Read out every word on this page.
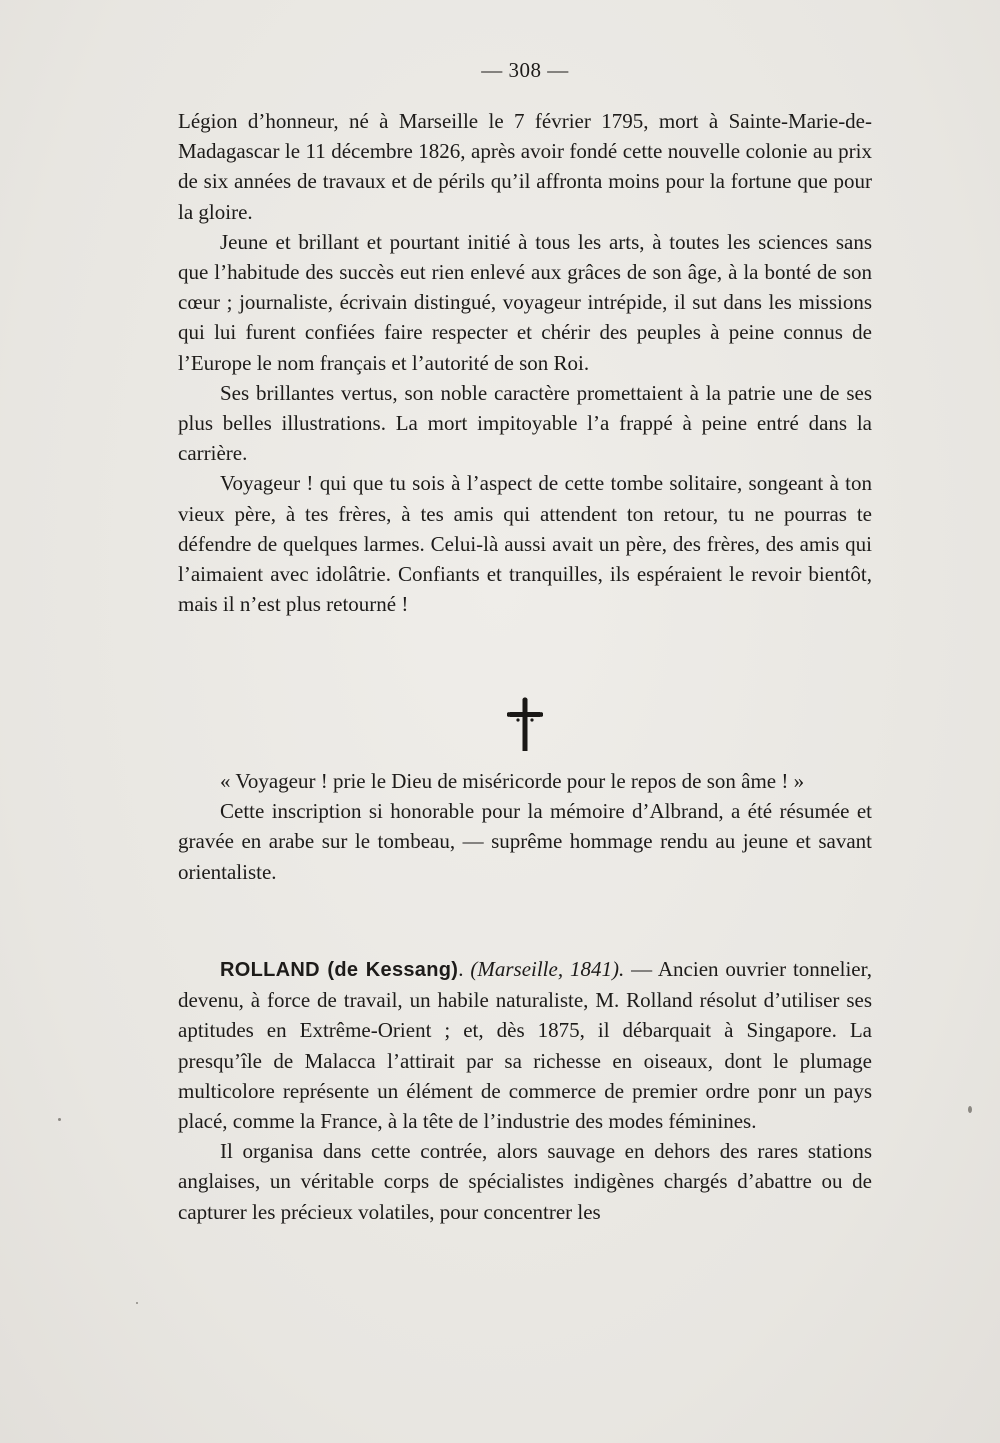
— 308 —

Légion d’honneur, né à Marseille le 7 février 1795, mort à Sainte-Marie-de-Madagascar le 11 décembre 1826, après avoir fondé cette nouvelle colonie au prix de six années de travaux et de périls qu’il affronta moins pour la fortune que pour la gloire.

Jeune et brillant et pourtant initié à tous les arts, à toutes les sciences sans que l’habitude des succès eut rien enlevé aux grâces de son âge, à la bonté de son cœur ; journaliste, écrivain distingué, voyageur intrépide, il sut dans les missions qui lui furent confiées faire respecter et chérir des peuples à peine connus de l’Europe le nom français et l’autorité de son Roi.

Ses brillantes vertus, son noble caractère promettaient à la patrie une de ses plus belles illustrations. La mort impitoyable l’a frappé à peine entré dans la carrière.

Voyageur ! qui que tu sois à l’aspect de cette tombe solitaire, songeant à ton vieux père, à tes frères, à tes amis qui attendent ton retour, tu ne pourras te défendre de quelques larmes. Celui-là aussi avait un père, des frères, des amis qui l’aimaient avec idolâtrie. Confiants et tranquilles, ils espéraient le revoir bientôt, mais il n’est plus retourné !

« Voyageur ! prie le Dieu de miséricorde pour le repos de son âme ! »

Cette inscription si honorable pour la mémoire d’Albrand, a été résumée et gravée en arabe sur le tombeau, — suprême hommage rendu au jeune et savant orientaliste.

ROLLAND (de Kessang). (Marseille, 1841). — Ancien ouvrier tonnelier, devenu, à force de travail, un habile naturaliste, M. Rolland résolut d’utiliser ses aptitudes en Extrême-Orient ; et, dès 1875, il débarquait à Singapore. La presqu’île de Malacca l’attirait par sa richesse en oiseaux, dont le plumage multicolore représente un élément de commerce de premier ordre ponr un pays placé, comme la France, à la tête de l’industrie des modes féminines.

Il organisa dans cette contrée, alors sauvage en dehors des rares stations anglaises, un véritable corps de spécialistes indigènes chargés d’abattre ou de capturer les précieux volatiles, pour concentrer les
